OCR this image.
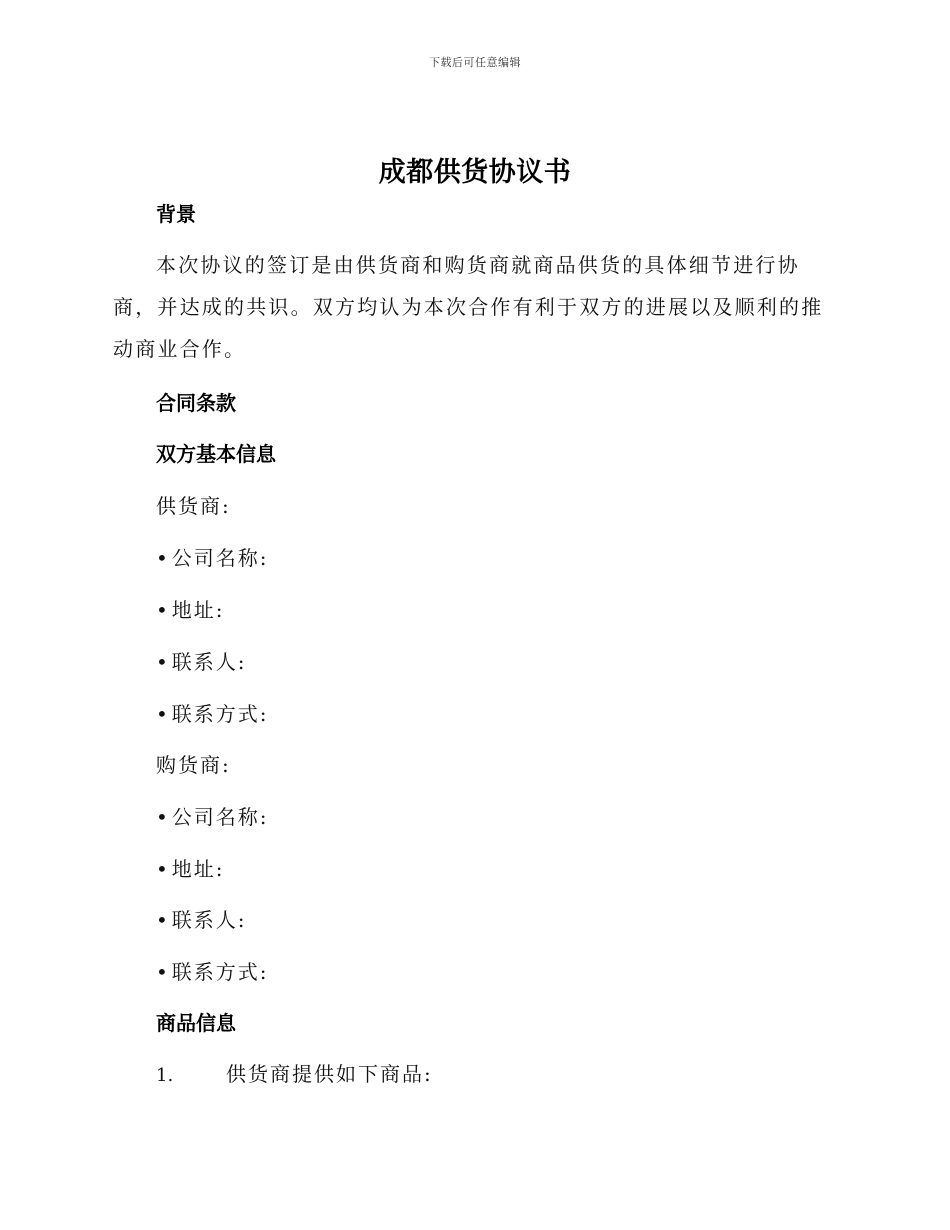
下载后可任意编辑
成都供货协议书
背景
本次协议的签订是由供货商和购货商就商品供货的具体细节进行协商，并达成的共识。双方均认为本次合作有利于双方的进展以及顺利的推动商业合作。
合同条款
双方基本信息
供货商:
• 公司名称:
• 地址:
• 联系人:
• 联系方式:
购货商:
• 公司名称:
• 地址:
• 联系人:
• 联系方式:
商品信息
1.	供货商提供如下商品:
